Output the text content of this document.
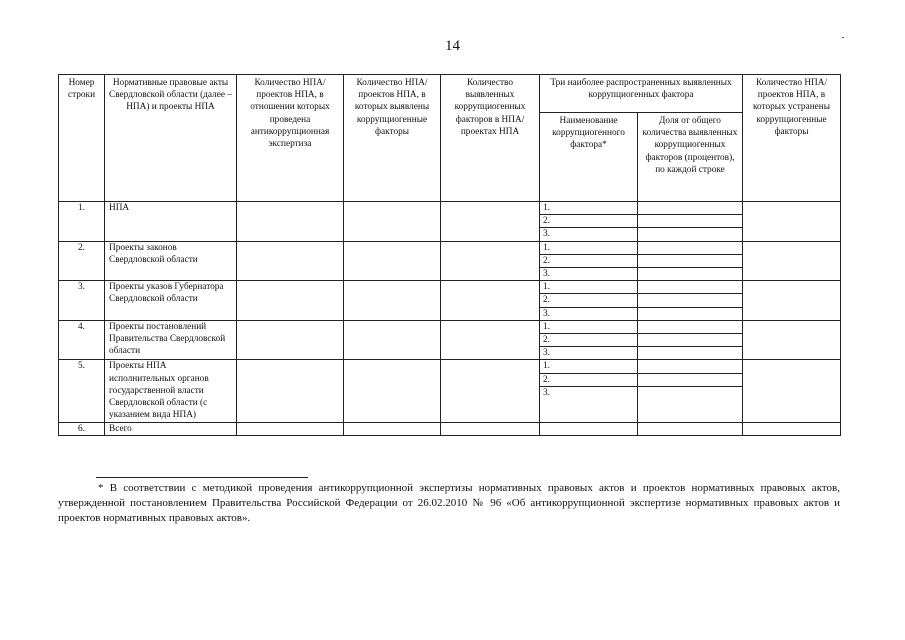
14
Номер строки	Нормативные правовые акты Свердловской области (далее – НПА) и проекты НПА	Количество НПА/проектов НПА, в отношении которых проведена антикоррупционная экспертиза	Количество НПА/проектов НПА, в которых выявлены коррупциогенные факторы	Количество выявленных коррупциогенных факторов в НПА/проектах НПА	Три наиболее распространенных выявленных коррупциогенных фактора		Количество НПА/проектов НПА, в которых устранены коррупциогенные факторы
					Наименование коррупциогенного фактора*	Доля от общего количества выявленных коррупциогенных факторов (процентов), по каждой строке	
1.	НПА				1.		
					2.		
					3.		
2.	Проекты законов Свердловской области				1.		
					2.		
					3.		
3.	Проекты указов Губернатора Свердловской области				1.		
					2.		
					3.		
4.	Проекты постановлений Правительства Свердловской области				1.		
					2.		
					3.		
5.	Проекты НПА исполнительных органов государственной власти Свердловской области (с указанием вида НПА)				1.		
					2.		
					3.		
6.	Всего						
* В соответствии с методикой проведения антикоррупционной экспертизы нормативных правовых актов и проектов нормативных правовых актов, утвержденной постановлением Правительства Российской Федерации от 26.02.2010 № 96 «Об антикоррупционной экспертизе нормативных правовых актов и проектов нормативных правовых актов».
